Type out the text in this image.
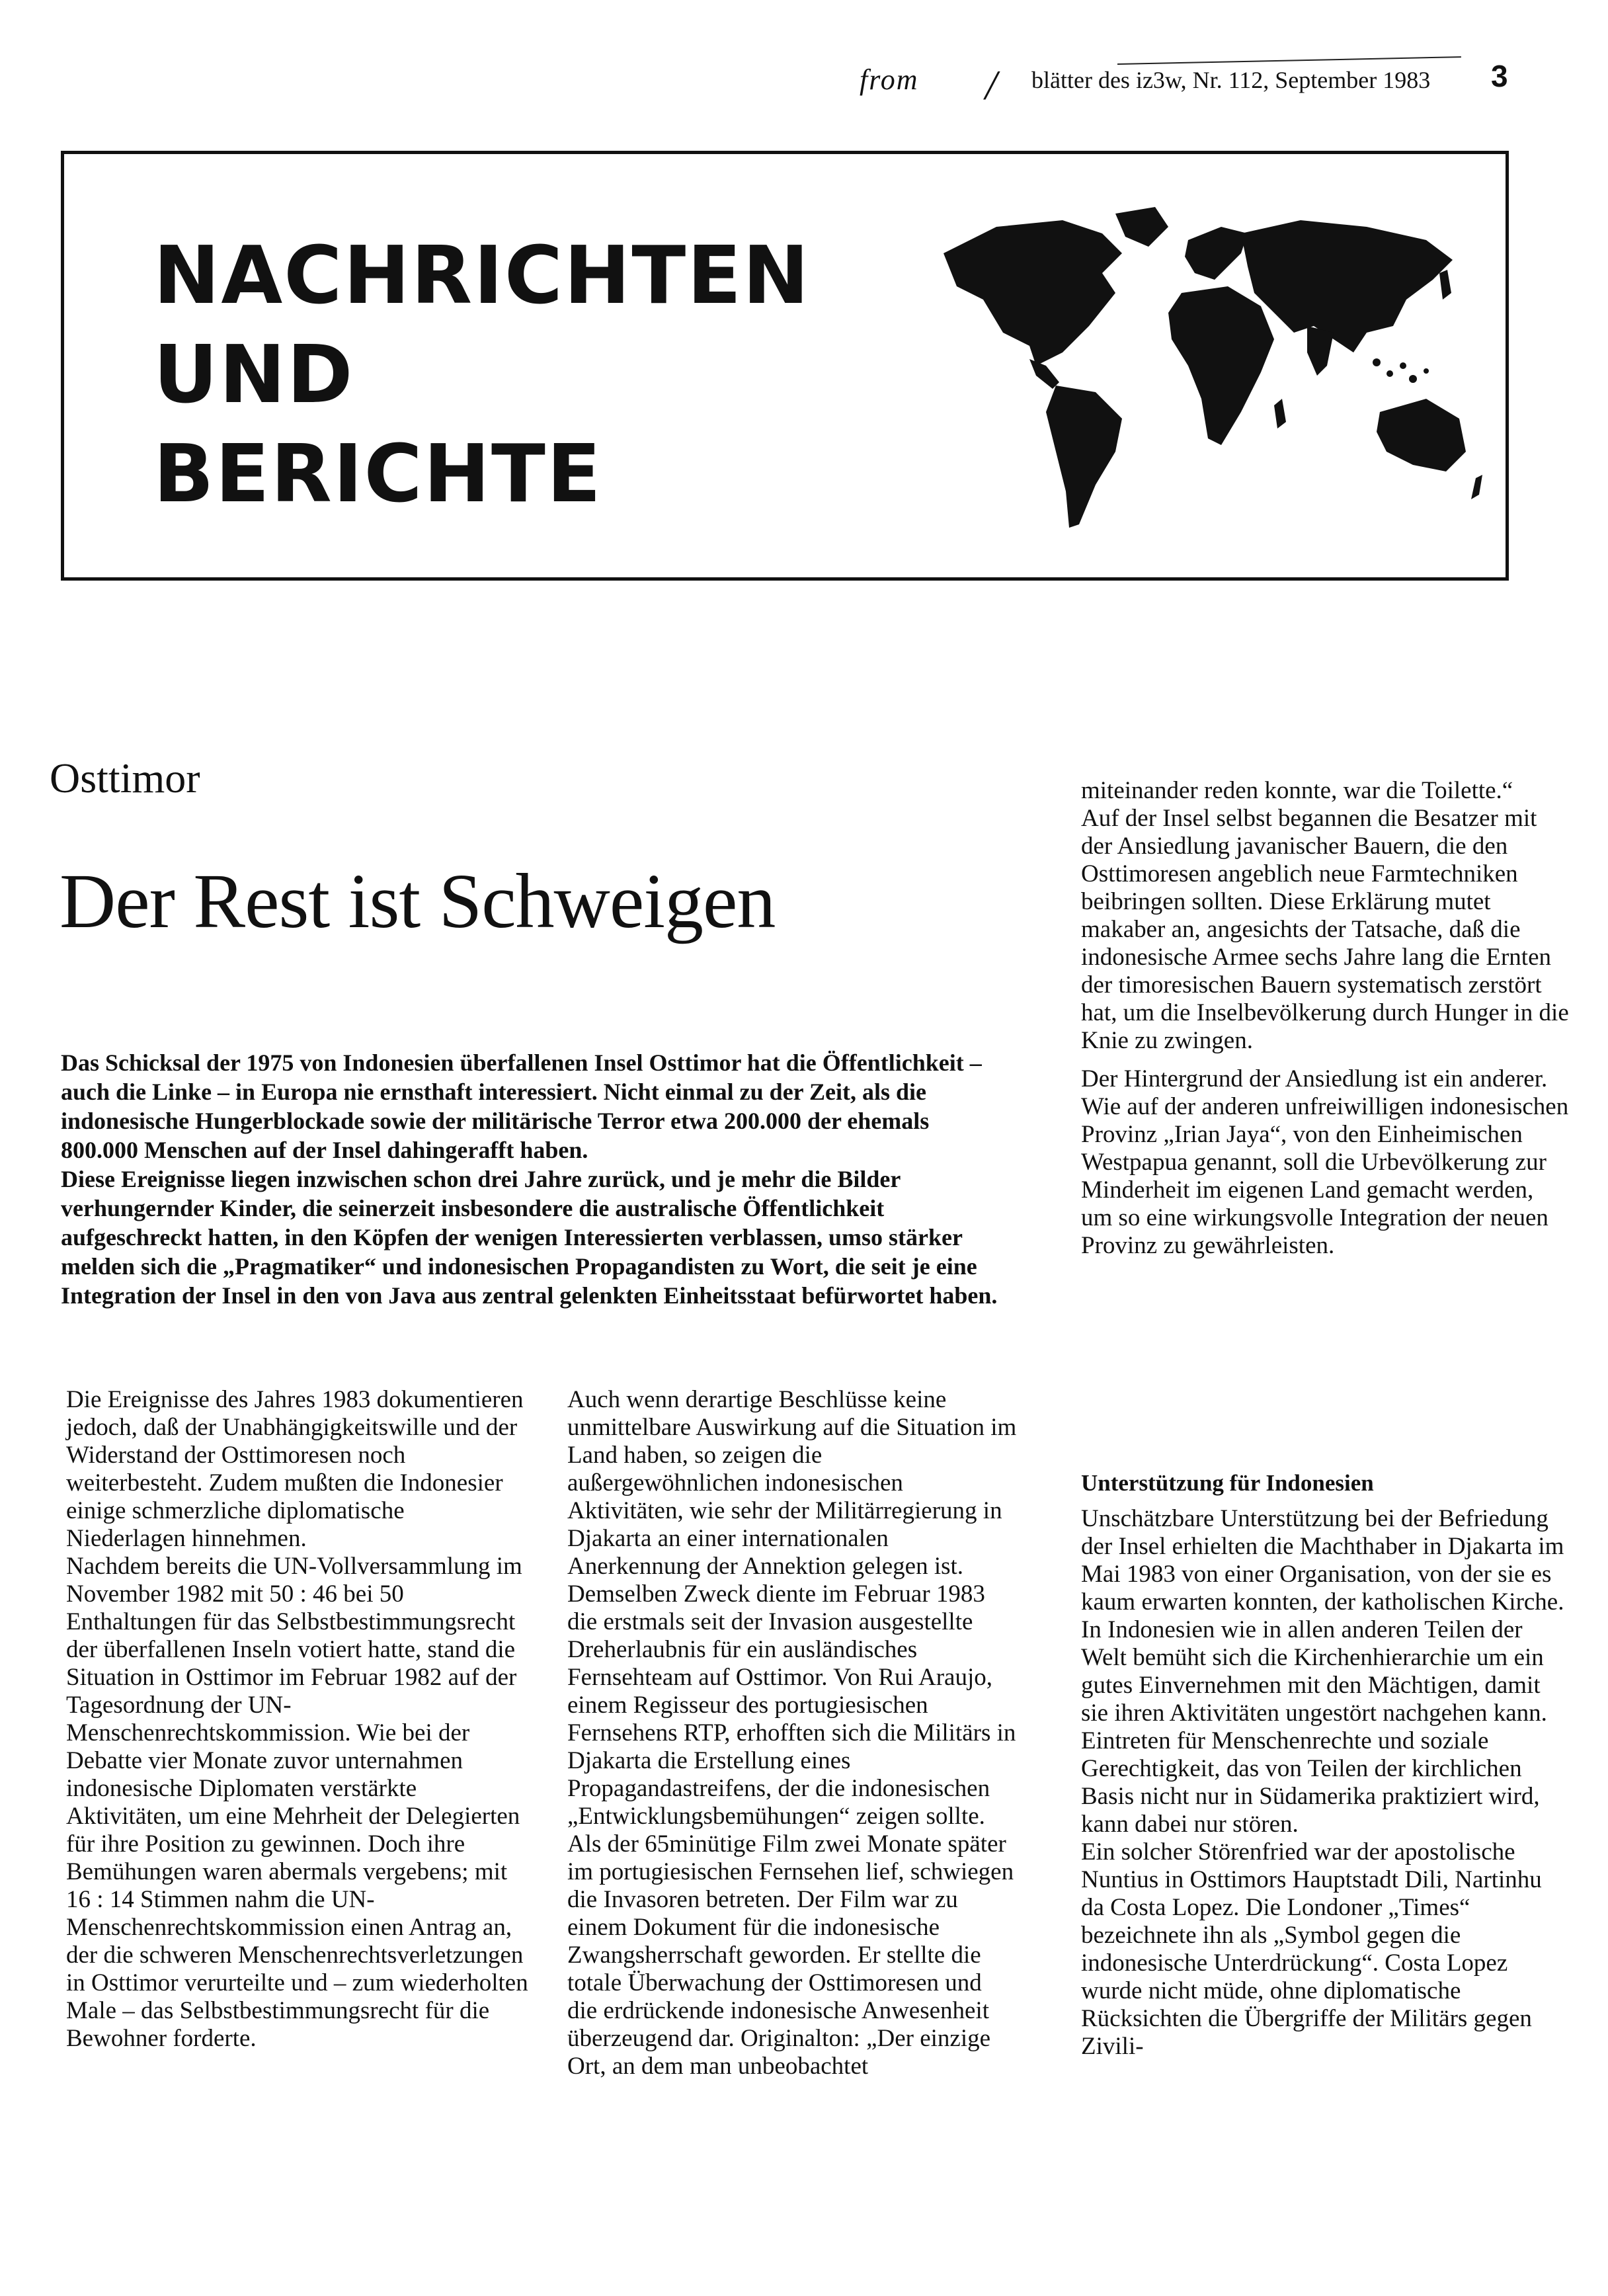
from / blätter des iz3w, Nr. 112, September 1983 3
NACHRICHTEN
UND
BERICHTE
Osttimor
Der Rest ist Schweigen

Das Schicksal der 1975 von Indonesien überfallenen Insel Osttimor hat die Öffentlichkeit – auch die Linke – in Europa nie ernsthaft interessiert. Nicht einmal zu der Zeit, als die indonesische Hungerblockade sowie der militärische Terror etwa 200.000 der ehemals 800.000 Menschen auf der Insel dahingerafft haben.

Diese Ereignisse liegen inzwischen schon drei Jahre zurück, und je mehr die Bilder verhungernder Kinder, die seinerzeit insbesondere die australische Öffentlichkeit aufgeschreckt hatten, in den Köpfen der wenigen Interessierten verblassen, umso stärker melden sich die „Pragmatiker“ und indonesischen Propagandisten zu Wort, die seit je eine Integration der Insel in den von Java aus zentral gelenkten Einheitsstaat befürwortet haben.

Die Ereignisse des Jahres 1983 dokumentieren jedoch, daß der Unabhängigkeitswille und der Widerstand der Osttimoresen noch weiterbesteht. Zudem mußten die Indonesier einige schmerzliche diplomatische Niederlagen hinnehmen.

Nachdem bereits die UN-Vollversammlung im November 1982 mit 50 : 46 bei 50 Enthaltungen für das Selbstbestimmungsrecht der überfallenen Inseln votiert hatte, stand die Situation in Osttimor im Februar 1982 auf der Tagesordnung der UN-Menschenrechtskommission. Wie bei der Debatte vier Monate zuvor unternahmen indonesische Diplomaten verstärkte Aktivitäten, um eine Mehrheit der Delegierten für ihre Position zu gewinnen. Doch ihre Bemühungen waren abermals vergebens; mit 16 : 14 Stimmen nahm die UN-Menschenrechtskommission einen Antrag an, der die schweren Menschenrechtsverletzungen in Osttimor verurteilte und – zum wiederholten Male – das Selbstbestimmungsrecht für die Bewohner forderte.

Auch wenn derartige Beschlüsse keine unmittelbare Auswirkung auf die Situation im Land haben, so zeigen die außergewöhnlichen indonesischen Aktivitäten, wie sehr der Militärregierung in Djakarta an einer internationalen Anerkennung der Annektion gelegen ist. Demselben Zweck diente im Februar 1983 die erstmals seit der Invasion ausgestellte Dreherlaubnis für ein ausländisches Fernsehteam auf Osttimor. Von Rui Araujo, einem Regisseur des portugiesischen Fernsehens RTP, erhofften sich die Militärs in Djakarta die Erstellung eines Propagandastreifens, der die indonesischen „Entwicklungsbemühungen“ zeigen sollte.

Als der 65minütige Film zwei Monate später im portugiesischen Fernsehen lief, schwiegen die Invasoren betreten. Der Film war zu einem Dokument für die indonesische Zwangsherrschaft geworden. Er stellte die totale Überwachung der Osttimoresen und die erdrückende indonesische Anwesenheit überzeugend dar. Originalton: „Der einzige Ort, an dem man unbeobachtet

miteinander reden konnte, war die Toilette.“

Auf der Insel selbst begannen die Besatzer mit der Ansiedlung javanischer Bauern, die den Osttimoresen angeblich neue Farmtechniken beibringen sollten. Diese Erklärung mutet makaber an, angesichts der Tatsache, daß die indonesische Armee sechs Jahre lang die Ernten der timoresischen Bauern systematisch zerstört hat, um die Inselbevölkerung durch Hunger in die Knie zu zwingen.

Der Hintergrund der Ansiedlung ist ein anderer. Wie auf der anderen unfreiwilligen indonesischen Provinz „Irian Jaya“, von den Einheimischen Westpapua genannt, soll die Urbevölkerung zur Minderheit im eigenen Land gemacht werden, um so eine wirkungsvolle Integration der neuen Provinz zu gewährleisten.

Unterstützung für Indonesien

Unschätzbare Unterstützung bei der Befriedung der Insel erhielten die Machthaber in Djakarta im Mai 1983 von einer Organisation, von der sie es kaum erwarten konnten, der katholischen Kirche.

In Indonesien wie in allen anderen Teilen der Welt bemüht sich die Kirchenhierarchie um ein gutes Einvernehmen mit den Mächtigen, damit sie ihren Aktivitäten ungestört nachgehen kann. Eintreten für Menschenrechte und soziale Gerechtigkeit, das von Teilen der kirchlichen Basis nicht nur in Südamerika praktiziert wird, kann dabei nur stören.

Ein solcher Störenfried war der apostolische Nuntius in Osttimors Hauptstadt Dili, Nartinhu da Costa Lopez. Die Londoner „Times“ bezeichnete ihn als „Symbol gegen die indonesische Unterdrückung“. Costa Lopez wurde nicht müde, ohne diplomatische Rücksichten die Übergriffe der Militärs gegen Zivili-
